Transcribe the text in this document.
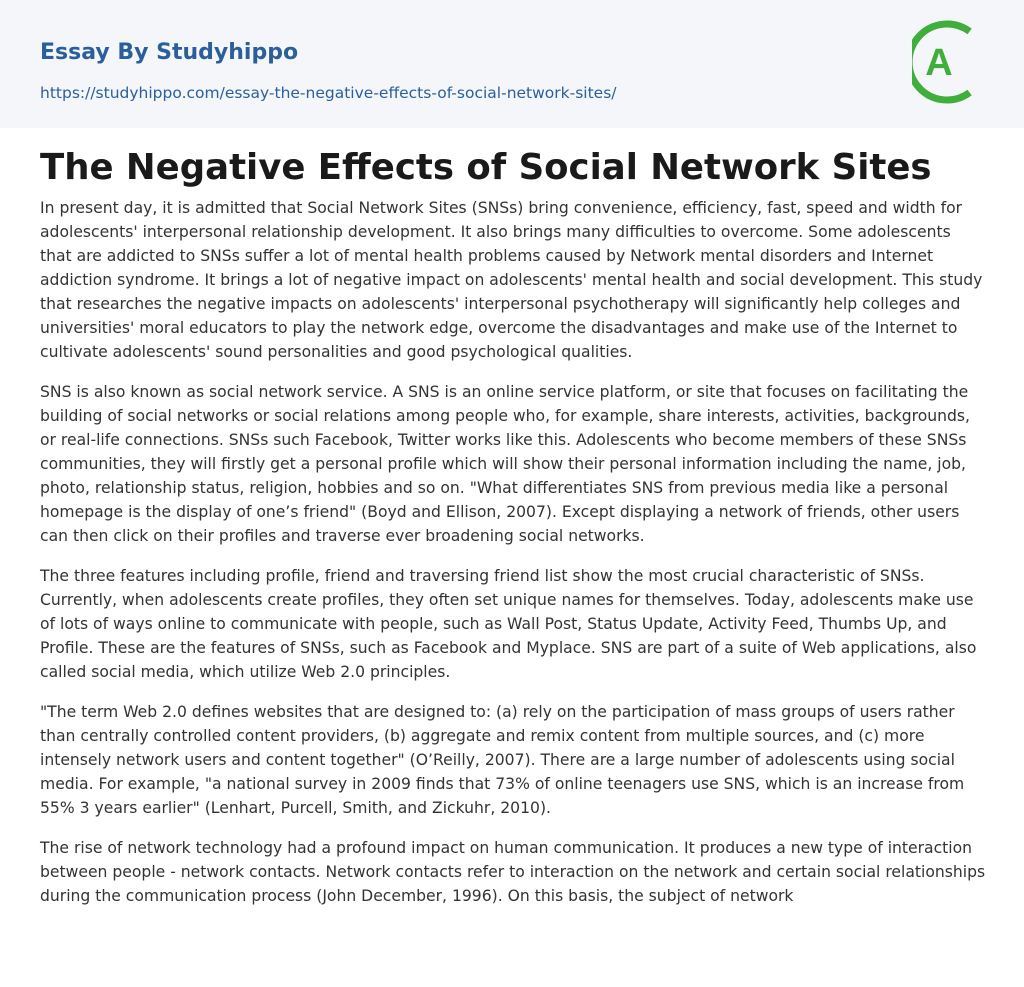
Essay By Studyhippo
https://studyhippo.com/essay-the-negative-effects-of-social-network-sites/
A
The Negative Effects of Social Network Sites

In present day, it is admitted that Social Network Sites (SNSs) bring convenience, efficiency, fast, speed and width for adolescents' interpersonal relationship development. It also brings many difficulties to overcome. Some adolescents that are addicted to SNSs suffer a lot of mental health problems caused by Network mental disorders and Internet addiction syndrome. It brings a lot of negative impact on adolescents' mental health and social development. This study that researches the negative impacts on adolescents' interpersonal psychotherapy will significantly help colleges and universities' moral educators to play the network edge, overcome the disadvantages and make use of the Internet to cultivate adolescents' sound personalities and good psychological qualities.

SNS is also known as social network service. A SNS is an online service platform, or site that focuses on facilitating the building of social networks or social relations among people who, for example, share interests, activities, backgrounds, or real-life connections. SNSs such Facebook, Twitter works like this. Adolescents who become members of these SNSs communities, they will firstly get a personal profile which will show their personal information including the name, job, photo, relationship status, religion, hobbies and so on. "What differentiates SNS from previous media like a personal homepage is the display of one’s friend" (Boyd and Ellison, 2007). Except displaying a network of friends, other users can then click on their profiles and traverse ever broadening social networks.

The three features including profile, friend and traversing friend list show the most crucial characteristic of SNSs. Currently, when adolescents create profiles, they often set unique names for themselves. Today, adolescents make use of lots of ways online to communicate with people, such as Wall Post, Status Update, Activity Feed, Thumbs Up, and Profile. These are the features of SNSs, such as Facebook and Myplace. SNS are part of a suite of Web applications, also called social media, which utilize Web 2.0 principles.

"The term Web 2.0 defines websites that are designed to: (a) rely on the participation of mass groups of users rather than centrally controlled content providers, (b) aggregate and remix content from multiple sources, and (c) more intensely network users and content together" (O’Reilly, 2007). There are a large number of adolescents using social media. For example, "a national survey in 2009 finds that 73% of online teenagers use SNS, which is an increase from 55% 3 years earlier" (Lenhart, Purcell, Smith, and Zickuhr, 2010).

The rise of network technology had a profound impact on human communication. It produces a new type of interaction between people - network contacts. Network contacts refer to interaction on the network and certain social relationships during the communication process (John December, 1996). On this basis, the subject of network
